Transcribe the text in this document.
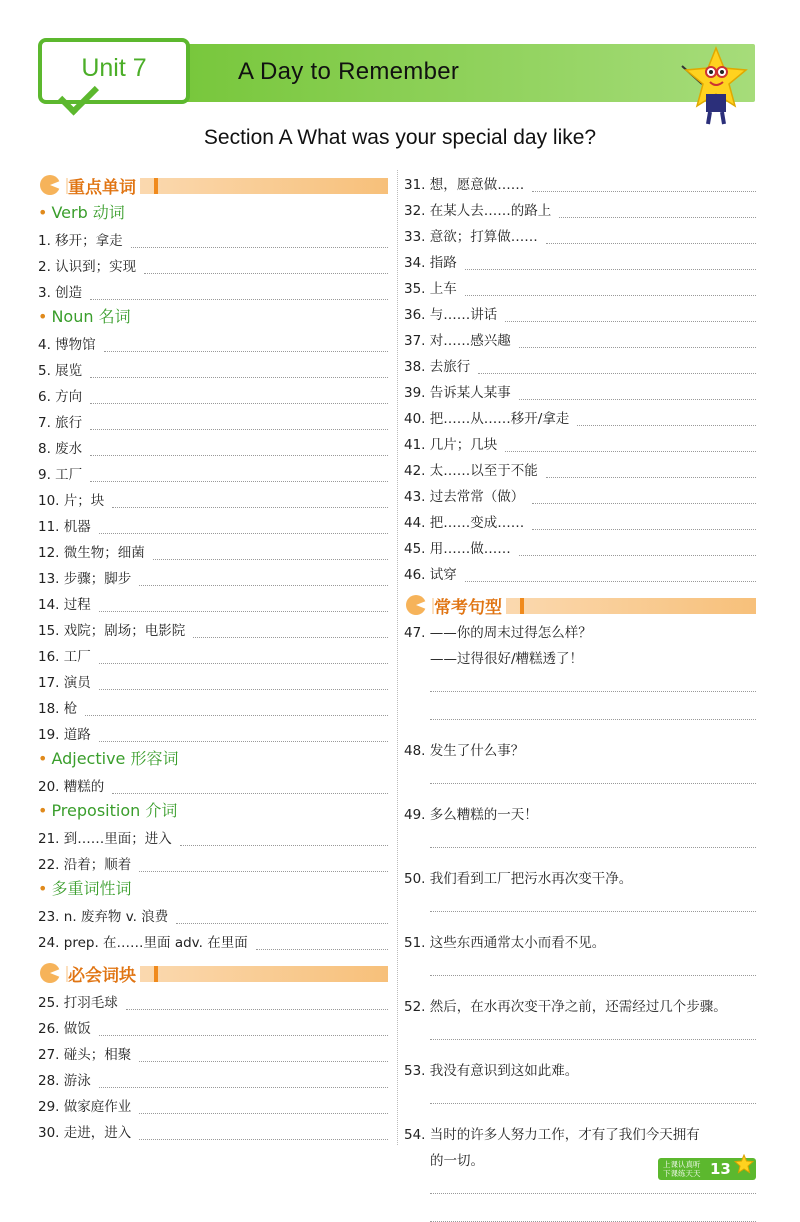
A Day to Remember
Unit 7
Section A What was your special day like?
重点单词
• Verb 动词
1. 移开；拿走
2. 认识到；实现
3. 创造
• Noun 名词
4. 博物馆
5. 展览
6. 方向
7. 旅行
8. 废水
9. 工厂
10. 片；块
11. 机器
12. 微生物；细菌
13. 步骤；脚步
14. 过程
15. 戏院；剧场；电影院
16. 工厂
17. 演员
18. 枪
19. 道路
• Adjective 形容词
20. 糟糕的
• Preposition 介词
21. 到……里面；进入
22. 沿着；顺着
• 多重词性词
23. n. 废弃物 v. 浪费
24. prep. 在……里面 adv. 在里面
必会词块
25. 打羽毛球
26. 做饭
27. 碰头；相聚
28. 游泳
29. 做家庭作业
30. 走进，进入
31. 想，愿意做……
32. 在某人去……的路上
33. 意欲；打算做……
34. 指路
35. 上车
36. 与……讲话
37. 对……感兴趣
38. 去旅行
39. 告诉某人某事
40. 把……从……移开/拿走
41. 几片；几块
42. 太……以至于不能
43. 过去常常（做）
44. 把……变成……
45. 用……做……
46. 试穿
常考句型
47. ——你的周末过得怎么样？
——过得很好/糟糕透了！
48. 发生了什么事？
49. 多么糟糕的一天！
50. 我们看到工厂把污水再次变干净。
51. 这些东西通常太小而看不见。
52. 然后，在水再次变干净之前，还需经过几个步骤。
53. 我没有意识到这如此难。
54. 当时的许多人努力工作，才有了我们今天拥有
的一切。	上课认真听
下课练天天 13
